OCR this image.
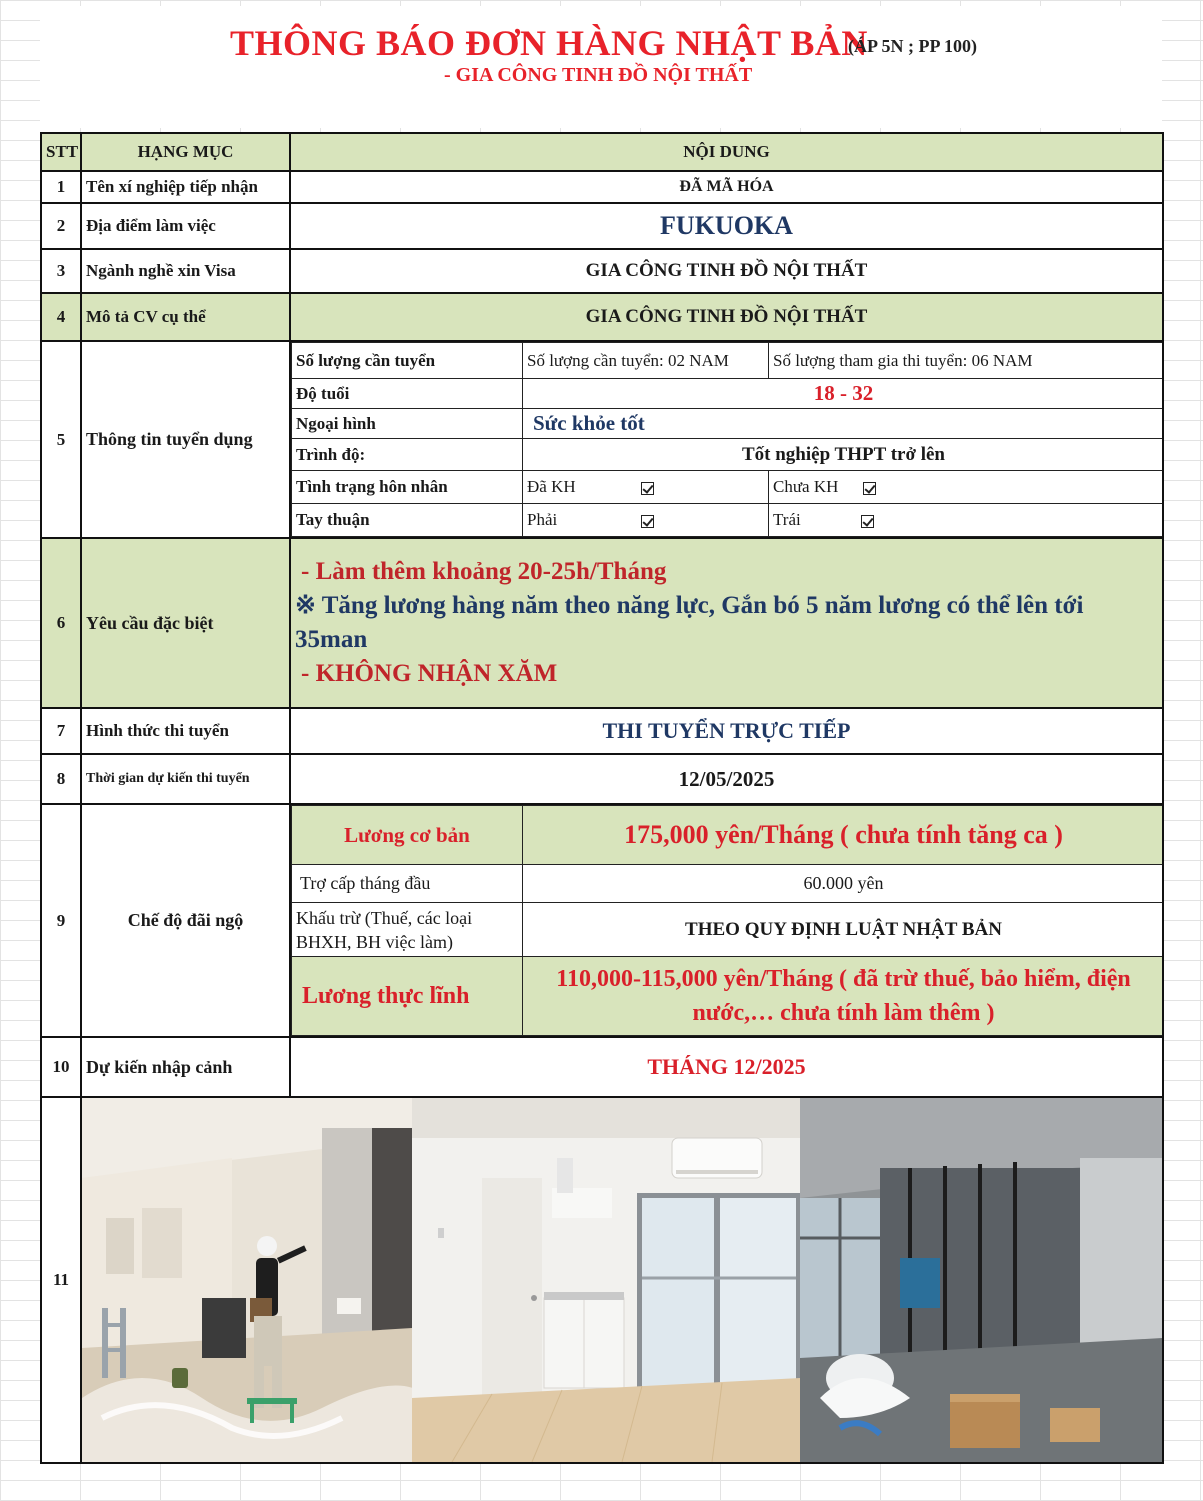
THÔNG BÁO ĐƠN HÀNG NHẬT BẢN
(ÁP 5N ; PP 100)
- GIA CÔNG TINH ĐỒ NỘI THẤT
STT	HẠNG MỤC	NỘI DUNG
1	Tên xí nghiệp tiếp nhận	ĐÃ MÃ HÓA
2	Địa điểm làm việc	FUKUOKA
3	Ngành nghề xin Visa	GIA CÔNG TINH ĐỒ NỘI THẤT
4	Mô tả CV cụ thể	GIA CÔNG TINH ĐỒ NỘI THẤT
5	Thông tin tuyển dụng	
Số lượng cần tuyển	Số lượng cần tuyển: 02 NAM	Số lượng tham gia thi tuyển: 06 NAM
Độ tuổi	18 - 32
Ngoại hình	Sức khỏe tốt
Trình độ:	Tốt nghiệp THPT trở lên
Tình trạng hôn nhân	Đã KH	Chưa KH
Tay thuận	Phải	Trái

6	Yêu cầu đặc biệt	
- Làm thêm khoảng 20-25h/Tháng
※ Tăng lương hàng năm theo năng lực, Gắn bó 5 năm lương có thể lên tới 35man
- KHÔNG NHẬN XĂM

7	Hình thức thi tuyển	THI TUYỂN TRỰC TIẾP
8	Thời gian dự kiến thi tuyển	12/05/2025
9	Chế độ đãi ngộ	
Lương cơ bản	175,000 yên/Tháng ( chưa tính tăng ca )
Trợ cấp tháng đầu	60.000 yên
Khấu trừ (Thuế, các loại BHXH, BH việc làm)	THEO QUY ĐỊNH LUẬT NHẬT BẢN
Lương thực lĩnh	110,000-115,000 yên/Tháng ( đã trừ thuế, bảo hiểm, điện nước,… chưa tính làm thêm )

10	Dự kiến nhập cảnh	THÁNG 12/2025
11	
